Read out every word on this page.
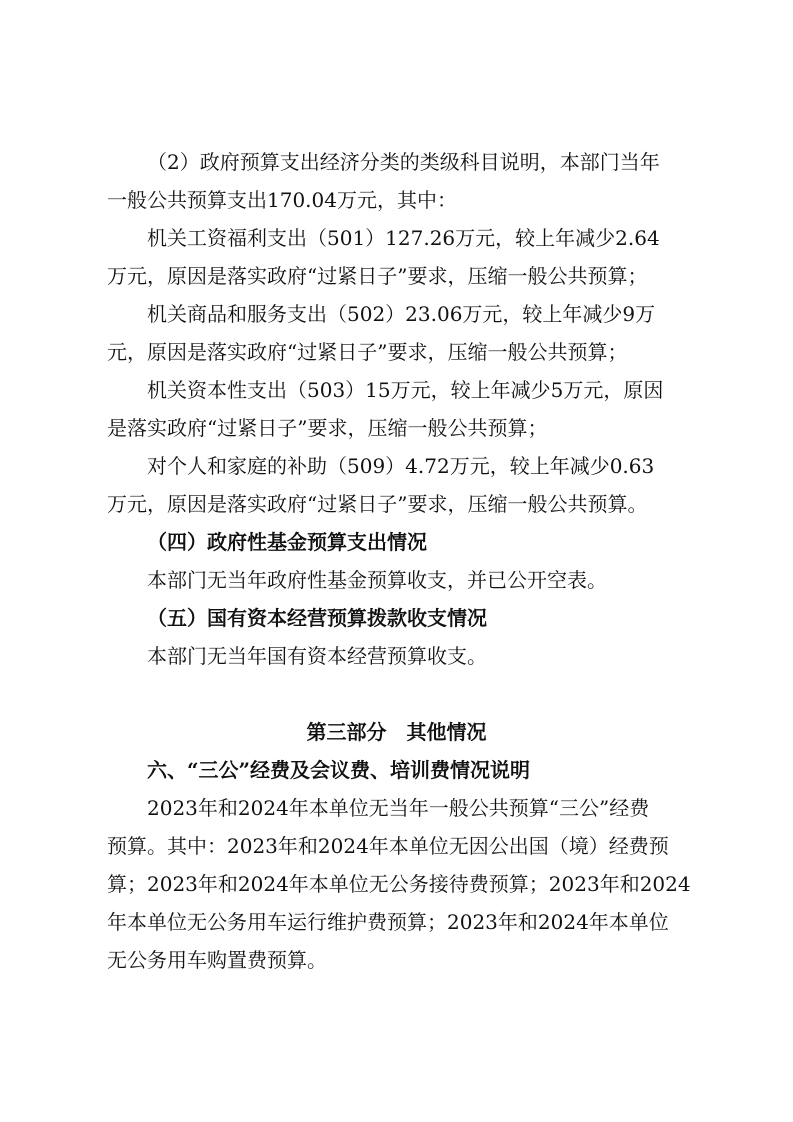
（2）政府预算支出经济分类的类级科目说明，本部门当年
一般公共预算支出170.04万元，其中：
机关工资福利支出（501）127.26万元，较上年减少2.64
万元，原因是落实政府“过紧日子”要求，压缩一般公共预算；
机关商品和服务支出（502）23.06万元，较上年减少9万
元，原因是落实政府“过紧日子”要求，压缩一般公共预算；
机关资本性支出（503）15万元，较上年减少5万元，原因
是落实政府“过紧日子”要求，压缩一般公共预算；
对个人和家庭的补助（509）4.72万元，较上年减少0.63
万元，原因是落实政府“过紧日子”要求，压缩一般公共预算。
（四）政府性基金预算支出情况
本部门无当年政府性基金预算收支，并已公开空表。
（五）国有资本经营预算拨款收支情况
本部门无当年国有资本经营预算收支。
第三部分　其他情况
六、“三公”经费及会议费、培训费情况说明
2023年和2024年本单位无当年一般公共预算“三公”经费
预算。其中：2023年和2024年本单位无因公出国（境）经费预
算；2023年和2024年本单位无公务接待费预算；2023年和2024
年本单位无公务用车运行维护费预算；2023年和2024年本单位
无公务用车购置费预算。
